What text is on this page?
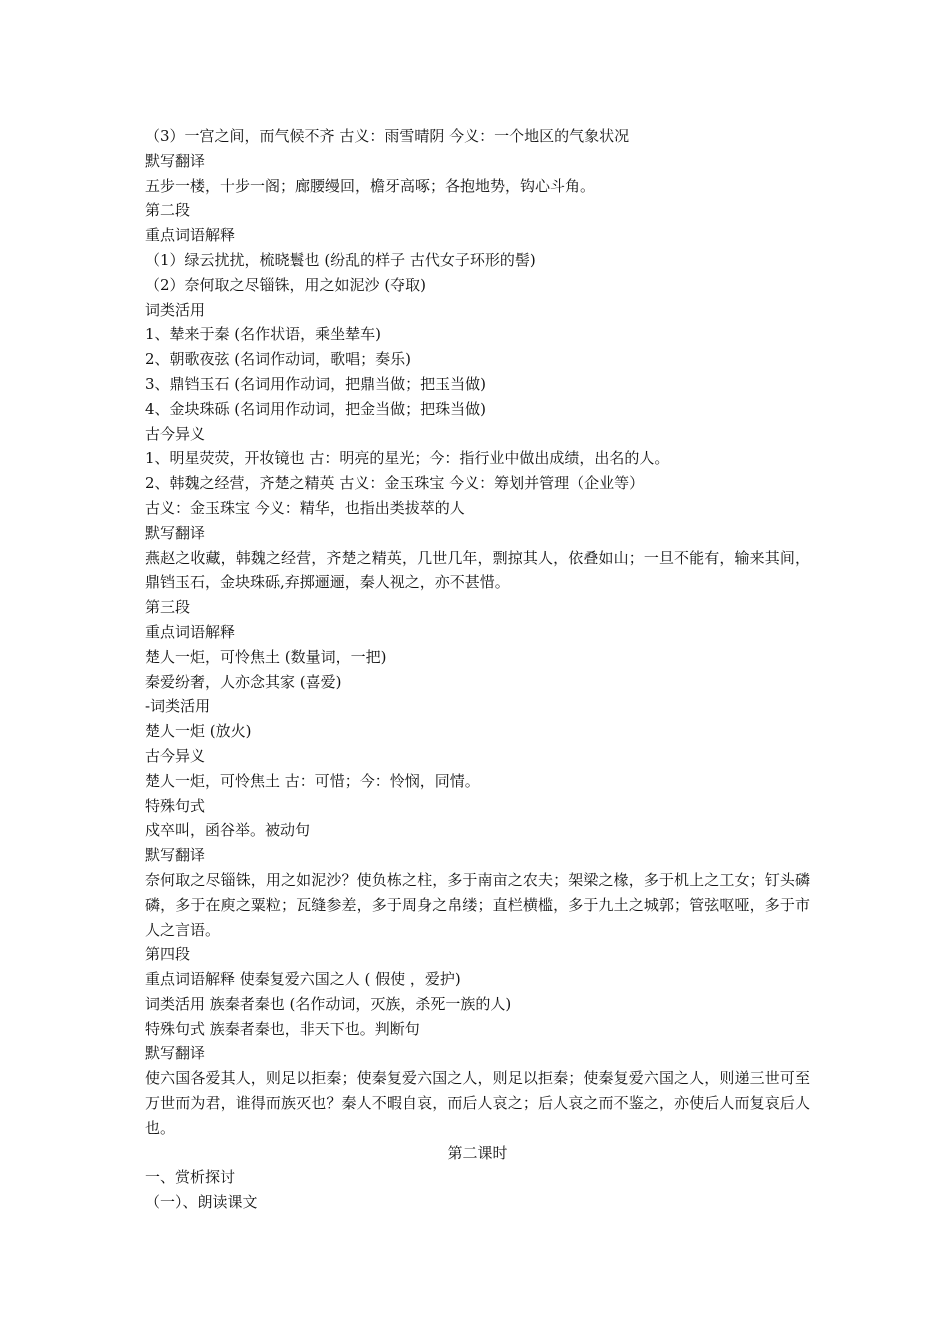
（3）一宫之间，而气候不齐 古义：雨雪晴阴 今义：一个地区的气象状况
默写翻译
五步一楼，十步一阁；廊腰缦回，檐牙高啄；各抱地势，钩心斗角。
第二段
重点词语解释
（1）绿云扰扰，梳晓鬟也 (纷乱的样子 古代女子环形的髻)
（2）奈何取之尽锱铢，用之如泥沙 (夺取)
词类活用
1、辇来于秦 (名作状语，乘坐辇车)
2、朝歌夜弦 (名词作动词，歌唱；奏乐)
3、鼎铛玉石 (名词用作动词，把鼎当做；把玉当做)
4、金块珠砾 (名词用作动词，把金当做；把珠当做)
古今异义
1、明星荧荧，开妆镜也 古：明亮的星光；今：指行业中做出成绩，出名的人。
2、韩魏之经营，齐楚之精英 古义：金玉珠宝 今义：筹划并管理（企业等）
古义：金玉珠宝 今义：精华，也指出类拔萃的人
默写翻译
燕赵之收藏，韩魏之经营，齐楚之精英，几世几年，剽掠其人，依叠如山；一旦不能有，输来其间，鼎铛玉石，金块珠砾,弃掷逦逦，秦人视之，亦不甚惜。
第三段
重点词语解释
楚人一炬，可怜焦土 (数量词，一把)
秦爱纷奢，人亦念其家 (喜爱)
-词类活用
楚人一炬 (放火)
古今异义
楚人一炬，可怜焦土 古：可惜；今：怜悯，同情。
特殊句式
戍卒叫，函谷举。被动句
默写翻译
奈何取之尽锱铢，用之如泥沙？使负栋之柱，多于南亩之农夫；架梁之椽，多于机上之工女；钉头磷磷，多于在庾之粟粒；瓦缝参差，多于周身之帛缕；直栏横槛，多于九土之城郭；管弦呕哑，多于市人之言语。
第四段
重点词语解释 使秦复爱六国之人 ( 假使 ，爱护)
词类活用 族秦者秦也 (名作动词，灭族，杀死一族的人)
特殊句式 族秦者秦也，非天下也。判断句
默写翻译
使六国各爱其人，则足以拒秦；使秦复爱六国之人，则足以拒秦；使秦复爱六国之人，则递三世可至万世而为君，谁得而族灭也？秦人不暇自哀，而后人哀之；后人哀之而不鉴之，亦使后人而复哀后人也。
第二课时
一、赏析探讨
（一）、朗读课文
